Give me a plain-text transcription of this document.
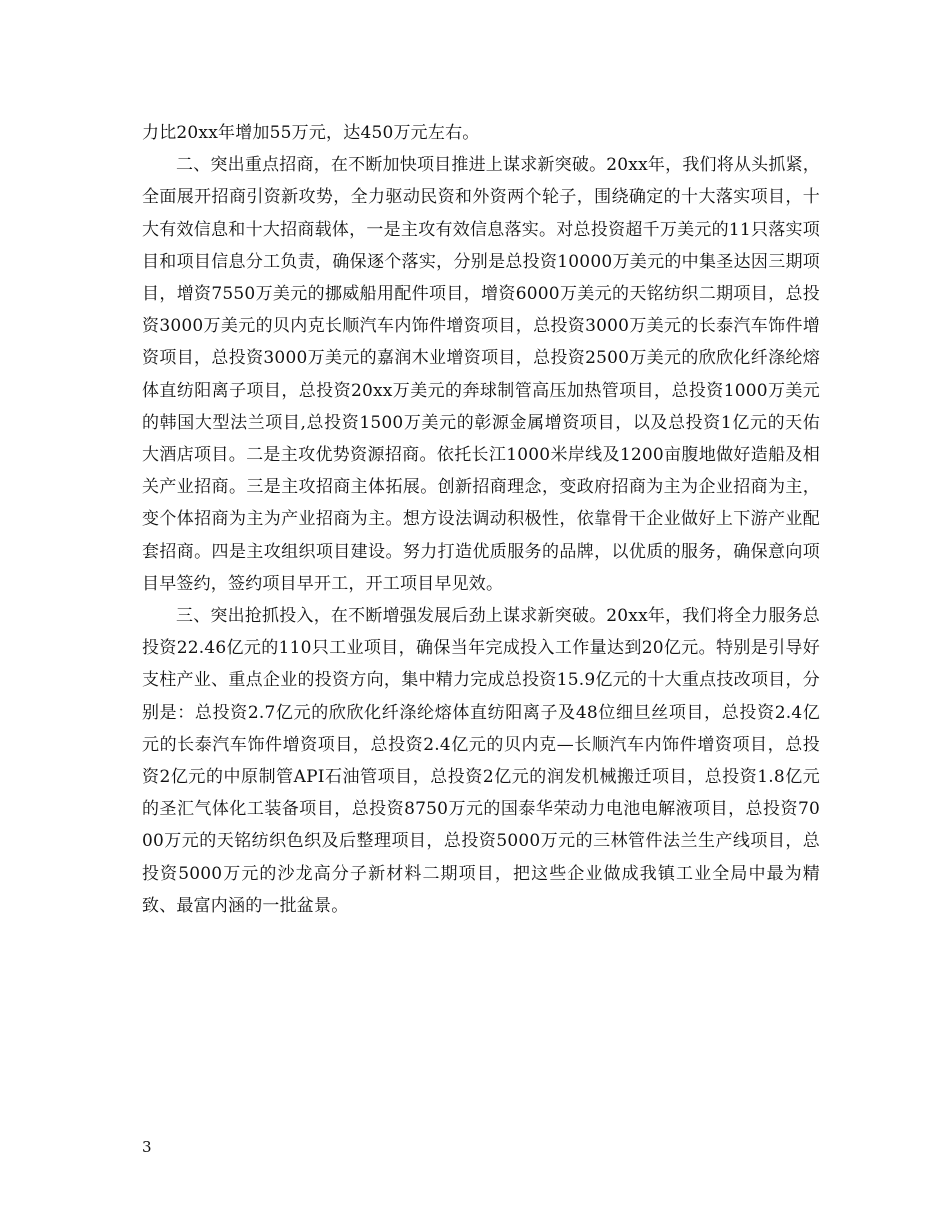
力比20xx年增加55万元，达450万元左右。

二、突出重点招商，在不断加快项目推进上谋求新突破。20xx年，我们将从头抓紧，全面展开招商引资新攻势，全力驱动民资和外资两个轮子，围绕确定的十大落实项目，十大有效信息和十大招商载体，一是主攻有效信息落实。对总投资超千万美元的11只落实项目和项目信息分工负责，确保逐个落实，分别是总投资10000万美元的中集圣达因三期项目，增资7550万美元的挪威船用配件项目，增资6000万美元的天铭纺织二期项目，总投资3000万美元的贝内克长顺汽车内饰件增资项目，总投资3000万美元的长泰汽车饰件增资项目，总投资3000万美元的嘉润木业增资项目，总投资2500万美元的欣欣化纤涤纶熔体直纺阳离子项目，总投资20xx万美元的奔球制管高压加热管项目，总投资1000万美元的韩国大型法兰项目,总投资1500万美元的彰源金属增资项目，以及总投资1亿元的天佑大酒店项目。二是主攻优势资源招商。依托长江1000米岸线及1200亩腹地做好造船及相关产业招商。三是主攻招商主体拓展。创新招商理念，变政府招商为主为企业招商为主，变个体招商为主为产业招商为主。想方设法调动积极性，依靠骨干企业做好上下游产业配套招商。四是主攻组织项目建设。努力打造优质服务的品牌，以优质的服务，确保意向项目早签约，签约项目早开工，开工项目早见效。

三、突出抢抓投入，在不断增强发展后劲上谋求新突破。20xx年，我们将全力服务总投资22.46亿元的110只工业项目，确保当年完成投入工作量达到20亿元。特别是引导好支柱产业、重点企业的投资方向，集中精力完成总投资15.9亿元的十大重点技改项目，分别是：总投资2.7亿元的欣欣化纤涤纶熔体直纺阳离子及48位细旦丝项目，总投资2.4亿元的长泰汽车饰件增资项目，总投资2.4亿元的贝内克—长顺汽车内饰件增资项目，总投资2亿元的中原制管API石油管项目，总投资2亿元的润发机械搬迁项目，总投资1.8亿元的圣汇气体化工装备项目，总投资8750万元的国泰华荣动力电池电解液项目，总投资7000万元的天铭纺织色织及后整理项目，总投资5000万元的三林管件法兰生产线项目，总投资5000万元的沙龙高分子新材料二期项目，把这些企业做成我镇工业全局中最为精致、最富内涵的一批盆景。

3
